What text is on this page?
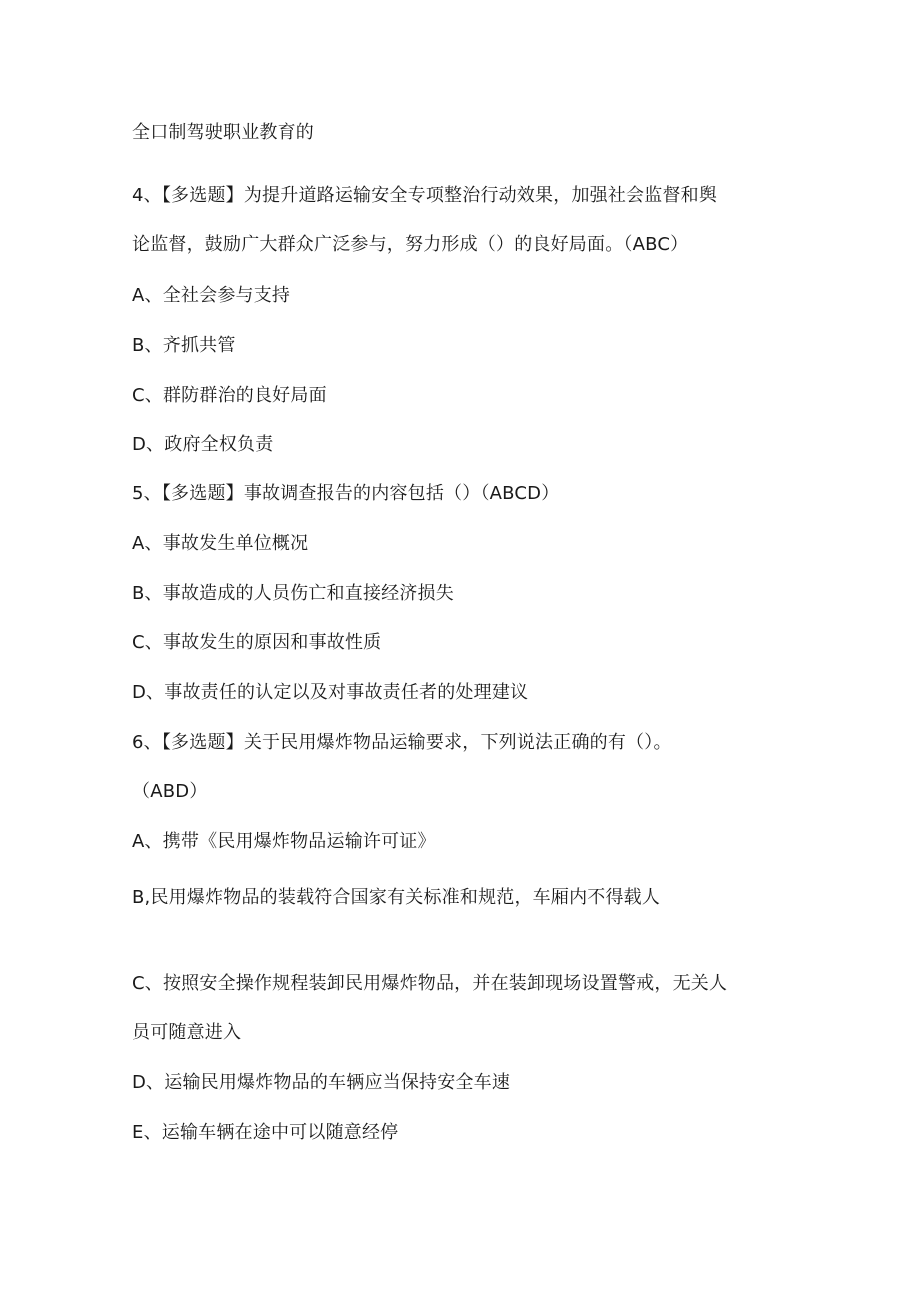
全口制驾驶职业教育的
4、【多选题】为提升道路运输安全专项整治行动效果，加强社会监督和舆
论监督，鼓励广大群众广泛参与，努力形成（）的良好局面。（ABC）
A、全社会参与支持
B、齐抓共管
C、群防群治的良好局面
D、政府全权负责
5、【多选题】事故调查报告的内容包括（）（ABCD）
A、事故发生单位概况
B、事故造成的人员伤亡和直接经济损失
C、事故发生的原因和事故性质
D、事故责任的认定以及对事故责任者的处理建议
6、【多选题】关于民用爆炸物品运输要求，下列说法正确的有（）。
（ABD）
A、携带《民用爆炸物品运输许可证》
B,民用爆炸物品的装载符合国家有关标准和规范，车厢内不得载人
C、按照安全操作规程装卸民用爆炸物品，并在装卸现场设置警戒，无关人
员可随意进入
D、运输民用爆炸物品的车辆应当保持安全车速
E、运输车辆在途中可以随意经停
